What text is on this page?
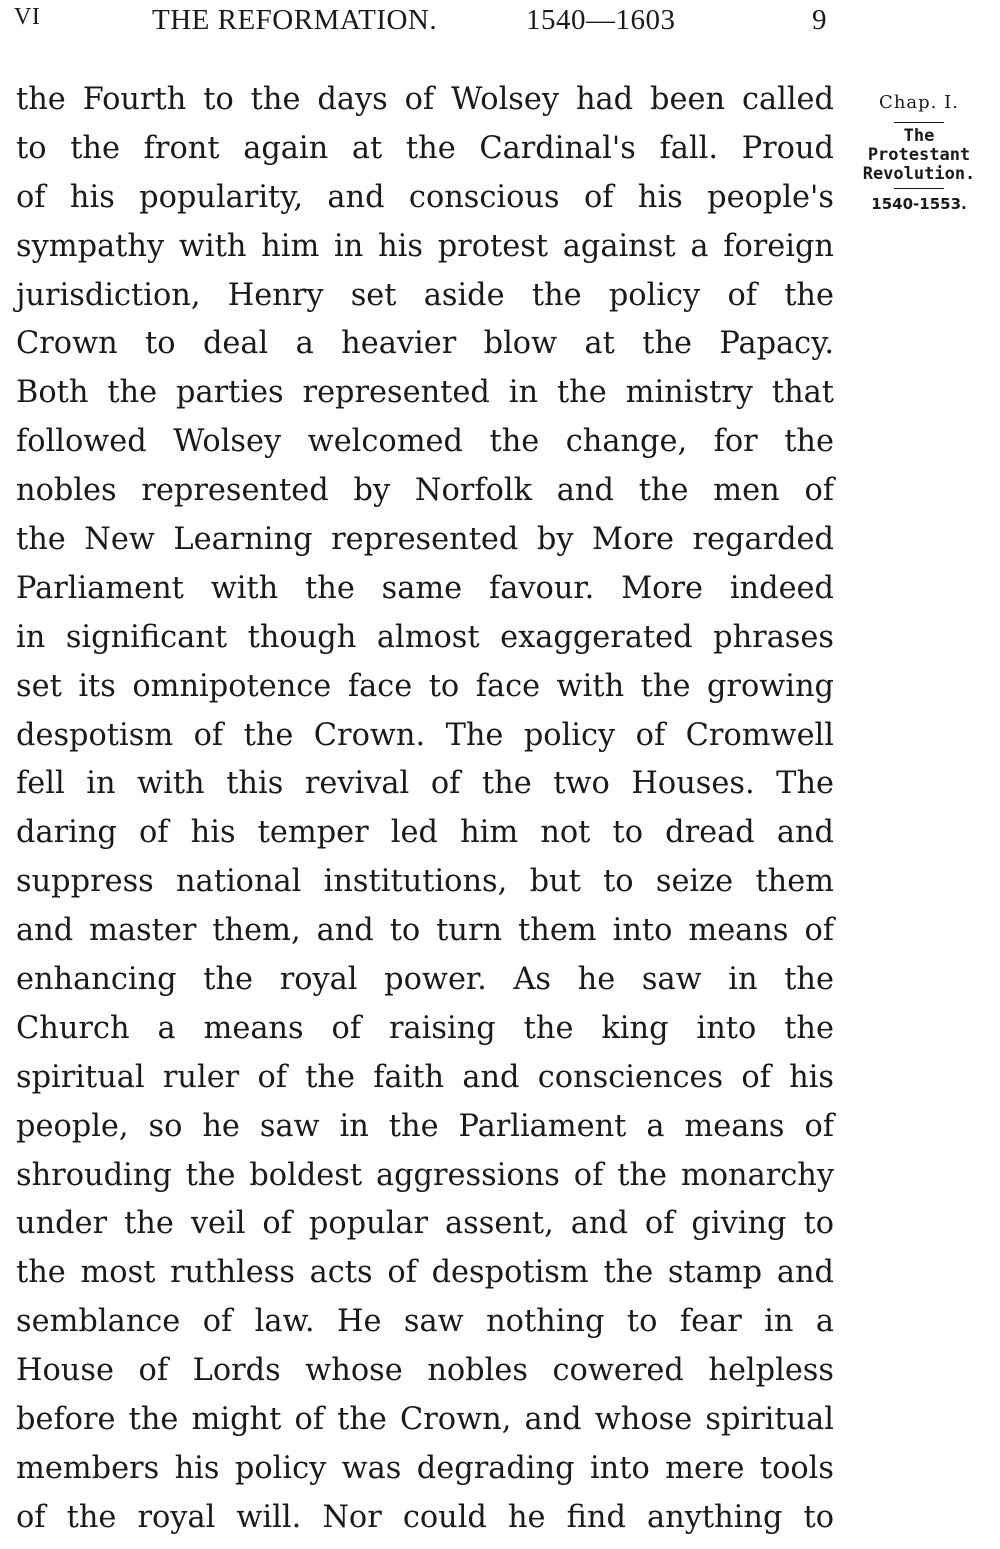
VI	THE REFORMATION.	1540—1603	9
the Fourth to the days of Wolsey had been called
to the front again at the Cardinal's fall. Proud
of his popularity, and conscious of his people's
sympathy with him in his protest against a foreign
jurisdiction, Henry set aside the policy of the
Crown to deal a heavier blow at the Papacy.
Both the parties represented in the ministry that
followed Wolsey welcomed the change, for the
nobles represented by Norfolk and the men of
the New Learning represented by More regarded
Parliament with the same favour. More indeed
in significant though almost exaggerated phrases
set its omnipotence face to face with the growing
despotism of the Crown. The policy of Cromwell
fell in with this revival of the two Houses. The
daring of his temper led him not to dread and
suppress national institutions, but to seize them
and master them, and to turn them into means of
enhancing the royal power. As he saw in the
Church a means of raising the king into the
spiritual ruler of the faith and consciences of his
people, so he saw in the Parliament a means of
shrouding the boldest aggressions of the monarchy
under the veil of popular assent, and of giving to
the most ruthless acts of despotism the stamp and
semblance of law. He saw nothing to fear in a
House of Lords whose nobles cowered helpless
before the might of the Crown, and whose spiritual
members his policy was degrading into mere tools
of the royal will. Nor could he find anything to
Chap. I.
The
Protestant
Revolution.
1540-1553.
